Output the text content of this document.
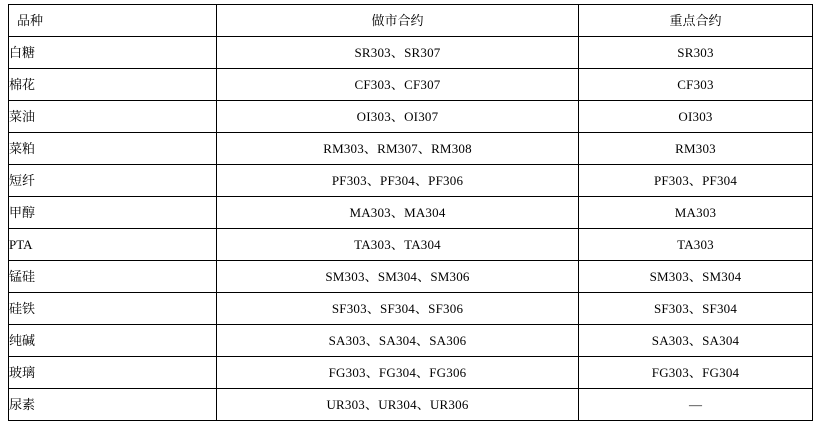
品种	做市合约	重点合约
白糖	SR303、SR307	SR303
棉花	CF303、CF307	CF303
菜油	OI303、OI307	OI303
菜粕	RM303、RM307、RM308	RM303
短纤	PF303、PF304、PF306	PF303、PF304
甲醇	MA303、MA304	MA303
PTA	TA303、TA304	TA303
锰硅	SM303、SM304、SM306	SM303、SM304
硅铁	SF303、SF304、SF306	SF303、SF304
纯碱	SA303、SA304、SA306	SA303、SA304
玻璃	FG303、FG304、FG306	FG303、FG304
尿素	UR303、UR304、UR306	—
